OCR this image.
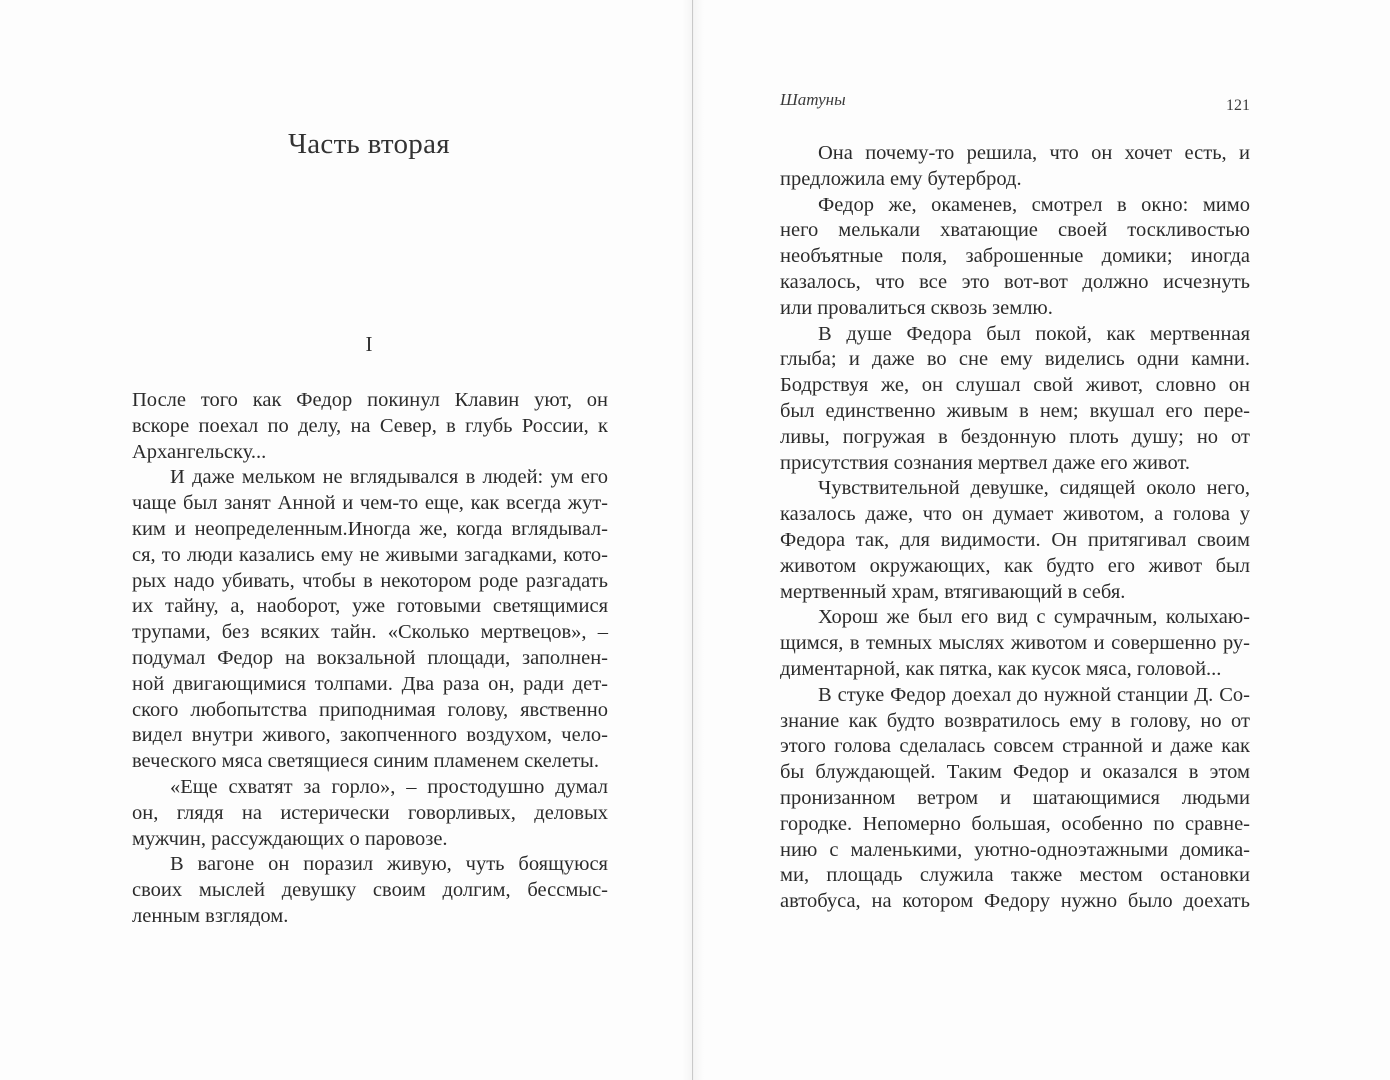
Часть вторая
I
После того как Федор покинул Клавин уют, он
вскоре поехал по делу, на Север, в глубь России, к
Архангельску...
И даже мельком не вглядывался в людей: ум его
чаще был занят Анной и чем-то еще, как всегда жут-
ким и неопределенным.Иногда же, когда вглядывал-
ся, то люди казались ему не живыми загадками, кото-
рых надо убивать, чтобы в некотором роде разгадать
их тайну, а, наоборот, уже готовыми светящимися
трупами, без всяких тайн. «Сколько мертвецов», –
подумал Федор на вокзальной площади, заполнен-
ной двигающимися толпами. Два раза он, ради дет-
ского любопытства приподнимая голову, явственно
видел внутри живого, закопченного воздухом, чело-
веческого мяса светящиеся синим пламенем скелеты.
«Еще схватят за горло», – простодушно думал
он, глядя на истерически говорливых, деловых
мужчин, рассуждающих о паровозе.
В вагоне он поразил живую, чуть боящуюся
своих мыслей девушку своим долгим, бессмыс-
ленным взглядом.
Шатуны	121
Она почему-то решила, что он хочет есть, и
предложила ему бутерброд.
Федор же, окаменев, смотрел в окно: мимо
него мелькали хватающие своей тоскливостью
необъятные поля, заброшенные домики; иногда
казалось, что все это вот-вот должно исчезнуть
или провалиться сквозь землю.
В душе Федора был покой, как мертвенная
глыба; и даже во сне ему виделись одни камни.
Бодрствуя же, он слушал свой живот, словно он
был единственно живым в нем; вкушал его пере-
ливы, погружая в бездонную плоть душу; но от
присутствия сознания мертвел даже его живот.
Чувствительной девушке, сидящей около него,
казалось даже, что он думает животом, а голова у
Федора так, для видимости. Он притягивал своим
животом окружающих, как будто его живот был
мертвенный храм, втягивающий в себя.
Хорош же был его вид с сумрачным, колыхаю-
щимся, в темных мыслях животом и совершенно ру-
диментарной, как пятка, как кусок мяса, головой...
В стуке Федор доехал до нужной станции Д. Со-
знание как будто возвратилось ему в голову, но от
этого голова сделалась совсем странной и даже как
бы блуждающей. Таким Федор и оказался в этом
пронизанном ветром и шатающимися людьми
городке. Непомерно большая, особенно по сравне-
нию с маленькими, уютно-одноэтажными домика-
ми, площадь служила также местом остановки
автобуса, на котором Федору нужно было доехать
